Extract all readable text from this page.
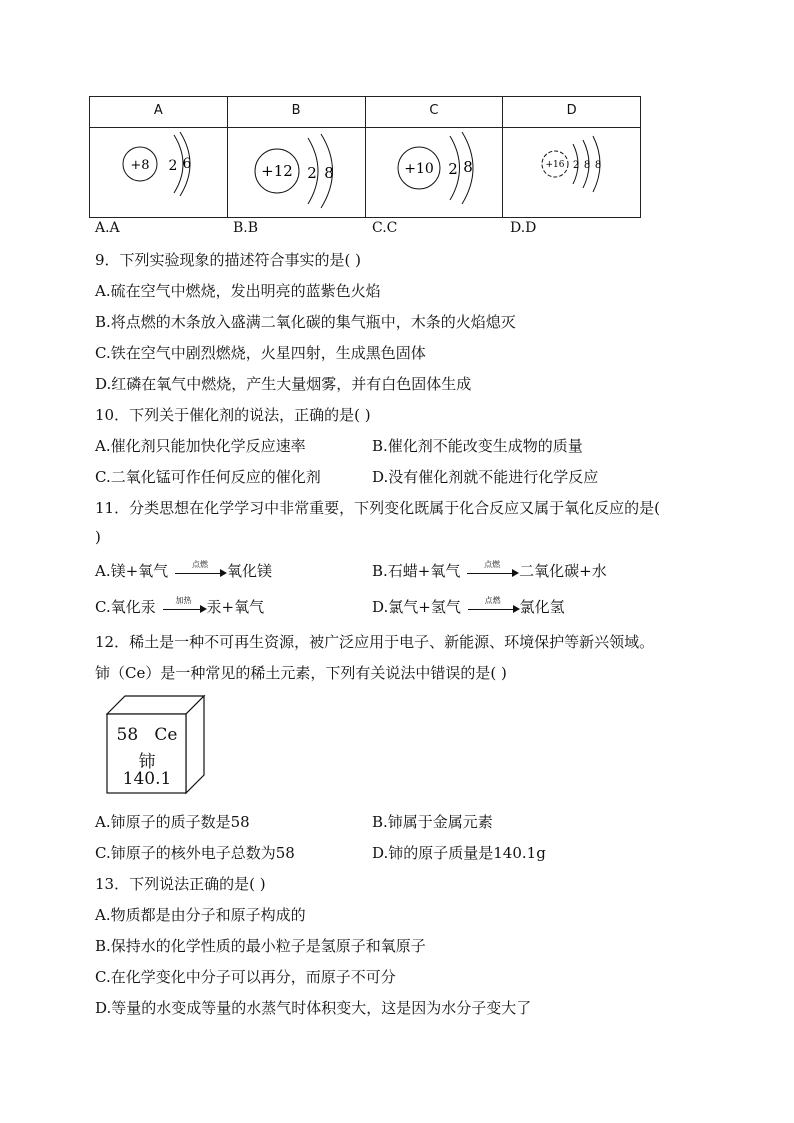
A	B	C	D
+8 2 6	+12 2 8	+10 2 8	+16 2 8 8
A.A	B.B	C.C	D.D
9．下列实验现象的描述符合事实的是( )
A.硫在空气中燃烧，发出明亮的蓝紫色火焰
B.将点燃的木条放入盛满二氧化碳的集气瓶中，木条的火焰熄灭
C.铁在空气中剧烈燃烧，火星四射，生成黑色固体
D.红磷在氧气中燃烧，产生大量烟雾，并有白色固体生成
10．下列关于催化剂的说法，正确的是( )
A.催化剂只能加快化学反应速率	B.催化剂不能改变生成物的质量
C.二氧化锰可作任何反应的催化剂	D.没有催化剂就不能进行化学反应
11．分类思想在化学学习中非常重要，下列变化既属于化合反应又属于氧化反应的是(
)
A.镁+氧气	点燃	氧化镁	B.石蜡+氧气	点燃	二氧化碳+水
C.氧化汞	加热	汞+氧气	D.氯气+氢气	点燃	氯化氢
12．稀土是一种不可再生资源，被广泛应用于电子、新能源、环境保护等新兴领域。
铈（Ce）是一种常见的稀土元素，下列有关说法中错误的是( )
58 Ce
铈
140.1
A.铈原子的质子数是58	B.铈属于金属元素
C.铈原子的核外电子总数为58	D.铈的原子质量是140.1g
13．下列说法正确的是( )
A.物质都是由分子和原子构成的
B.保持水的化学性质的最小粒子是氢原子和氧原子
C.在化学变化中分子可以再分，而原子不可分
D.等量的水变成等量的水蒸气时体积变大，这是因为水分子变大了
